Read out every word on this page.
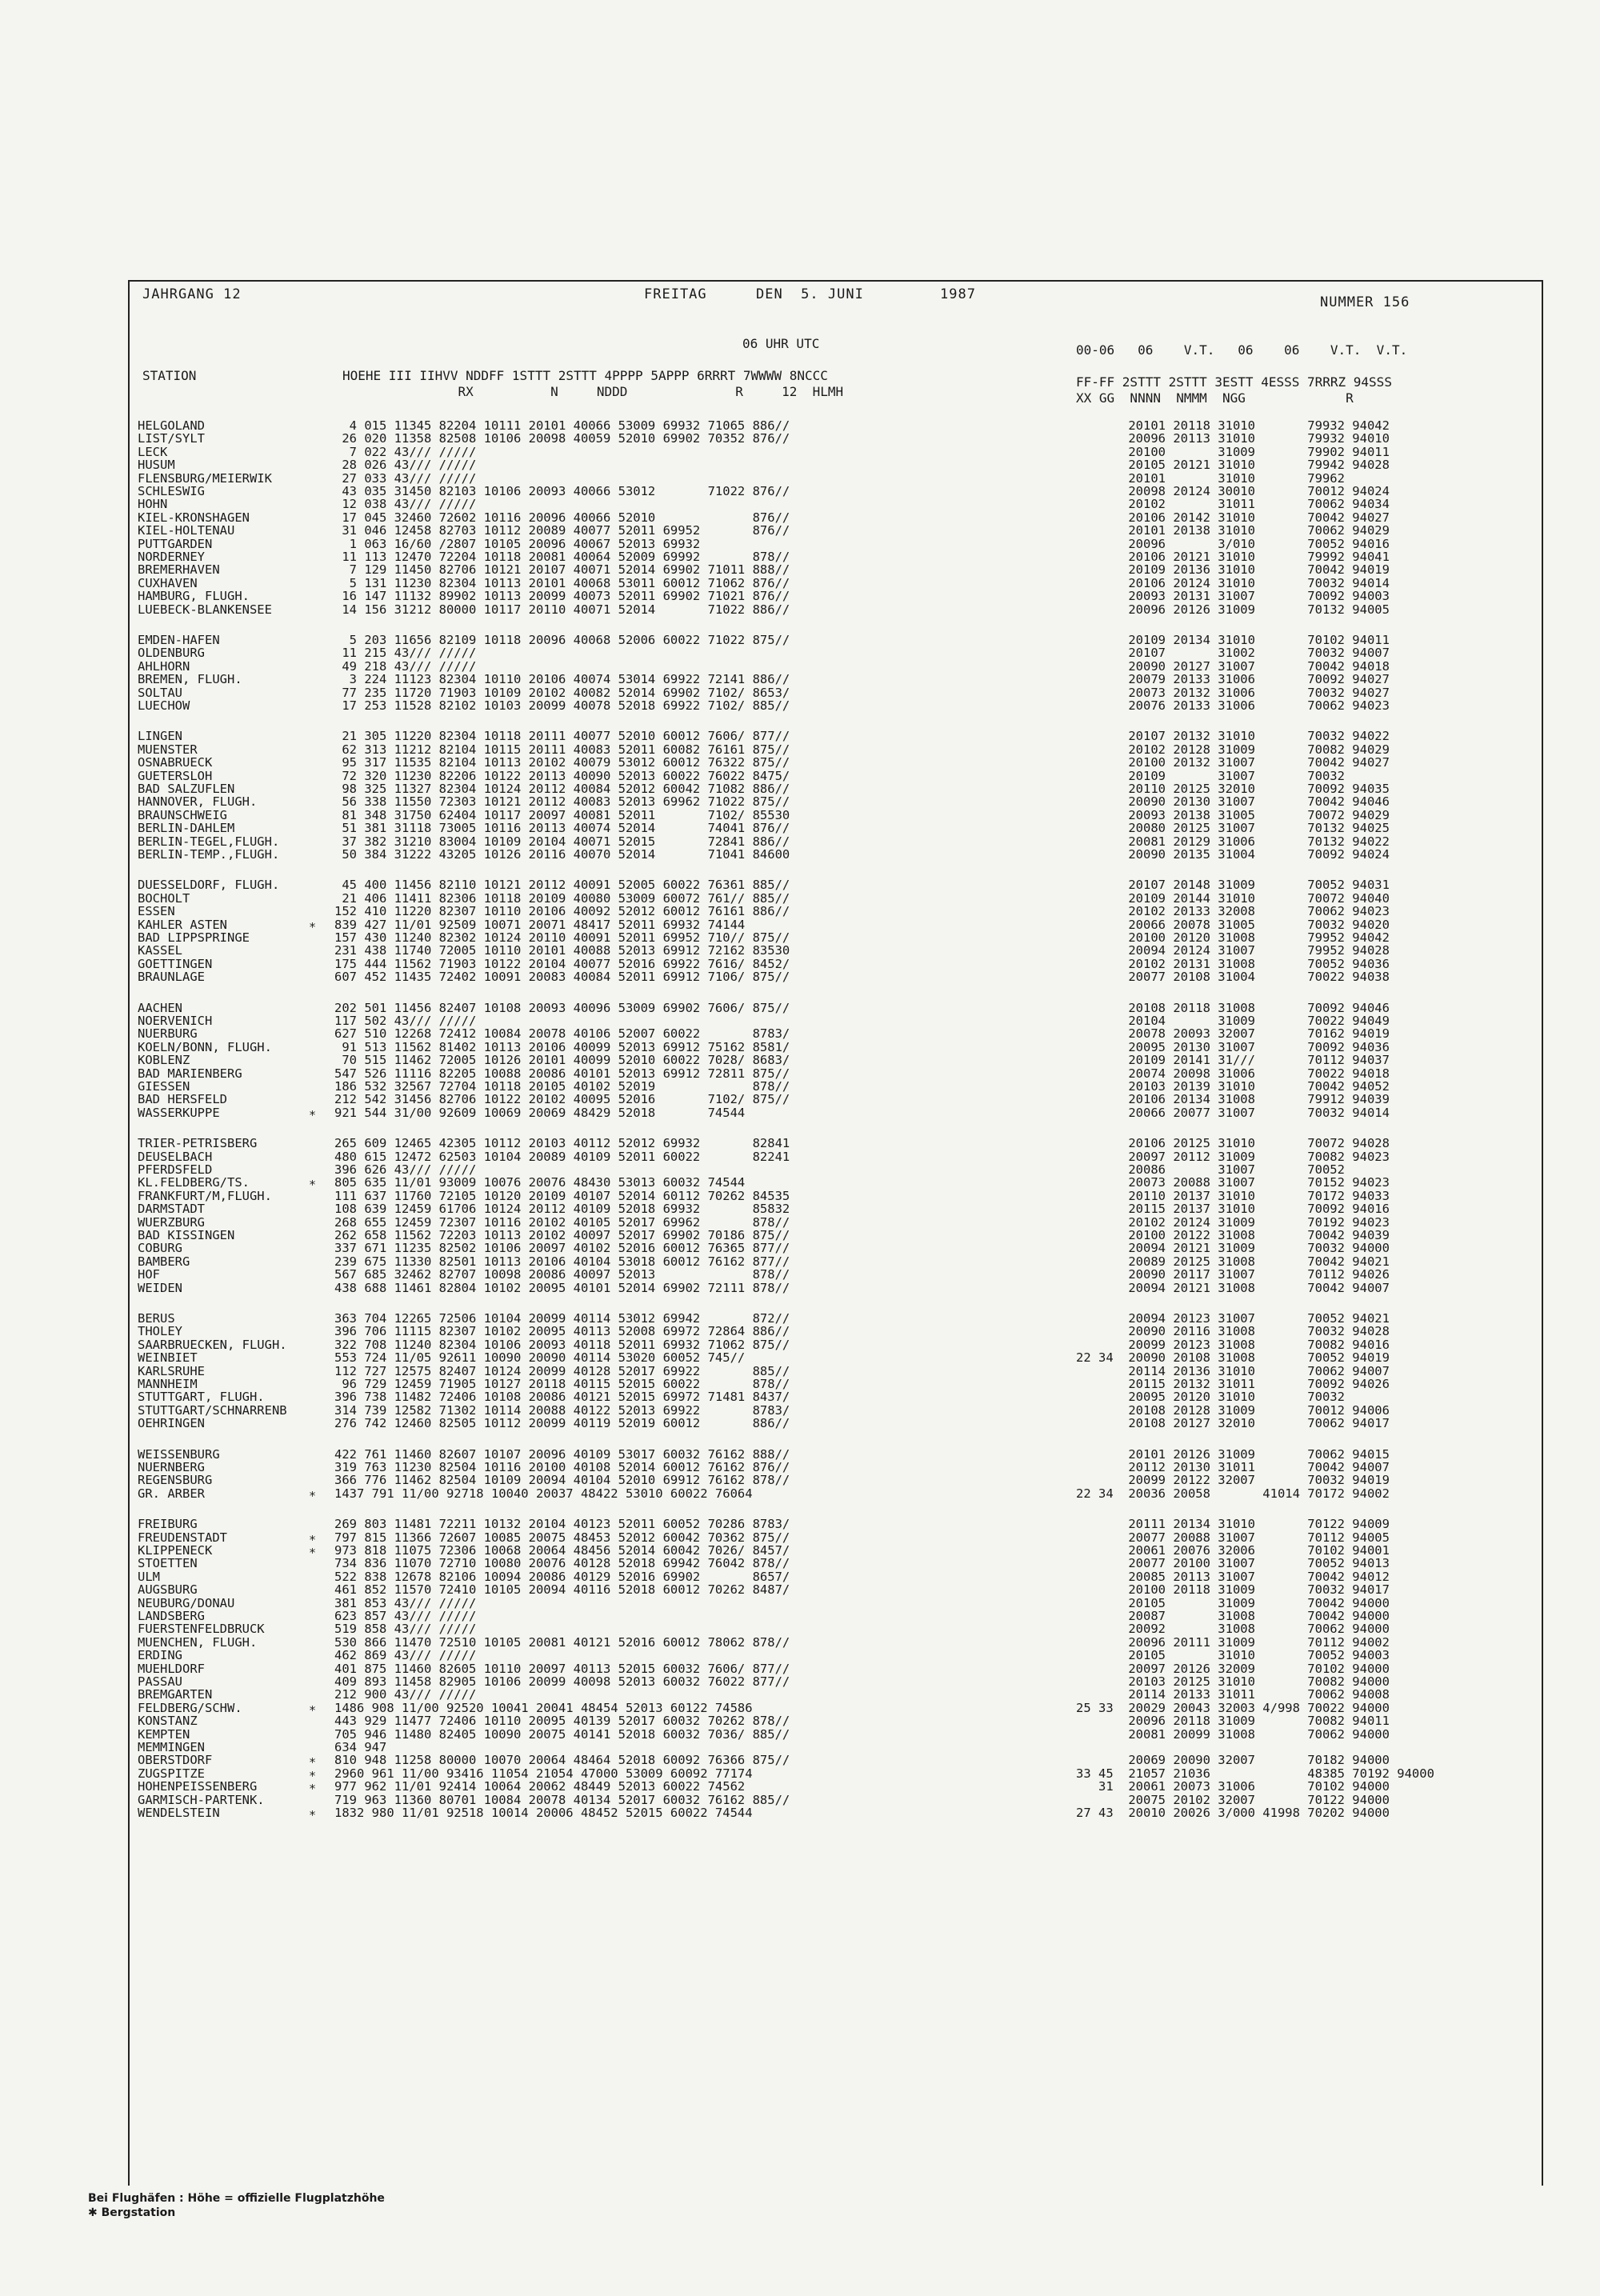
JAHRGANG 12	FREITAG	DEN  5. JUNI	1987	NUMMER 156
06 UHR UTC
STATION	HOEHE III IIHVV NDDFF 1STTT 2STTT 4PPPP 5APPP 6RRRT 7WWWW 8NCCC
RX          N     NDDD              R     12  HLMH
00-06   06    V.T.   06    06    V.T.  V.T.
FF-FF 2STTT 2STTT 3ESTT 4ESSS 7RRRZ 94SSS
XX GG  NNNN  NMMM  NGG             R
HELGOLAND	4 015 11345 82204 10111 20101 40066 53009 69932 71065 886//	20101 20118 31010       79932 94042
LIST/SYLT	26 020 11358 82508 10106 20098 40059 52010 69902 70352 876//	20096 20113 31010       79932 94010
LECK	7 022 43/// /////	20100       31009       79902 94011
HUSUM	28 026 43/// /////	20105 20121 31010       79942 94028
FLENSBURG/MEIERWIK	27 033 43/// /////	20101       31010       79962
SCHLESWIG	43 035 31450 82103 10106 20093 40066 53012       71022 876//	20098 20124 30010       70012 94024
HOHN	12 038 43/// /////	20102       31011       70062 94034
KIEL-KRONSHAGEN	17 045 32460 72602 10116 20096 40066 52010             876//	20106 20142 31010       70042 94027
KIEL-HOLTENAU	31 046 12458 82703 10112 20089 40077 52011 69952       876//	20101 20138 31010       70062 94029
PUTTGARDEN	1 063 16/60 /2807 10105 20096 40067 52013 69932	20096       3/010       70052 94016
NORDERNEY	11 113 12470 72204 10118 20081 40064 52009 69992       878//	20106 20121 31010       79992 94041
BREMERHAVEN	7 129 11450 82706 10121 20107 40071 52014 69902 71011 888//	20109 20136 31010       70042 94019
CUXHAVEN	5 131 11230 82304 10113 20101 40068 53011 60012 71062 876//	20106 20124 31010       70032 94014
HAMBURG, FLUGH.	16 147 11132 89902 10113 20099 40073 52011 69902 71021 876//	20093 20131 31007       70092 94003
LUEBECK-BLANKENSEE	14 156 31212 80000 10117 20110 40071 52014       71022 886//	20096 20126 31009       70132 94005
EMDEN-HAFEN	5 203 11656 82109 10118 20096 40068 52006 60022 71022 875//	20109 20134 31010       70102 94011
OLDENBURG	11 215 43/// /////	20107       31002       70032 94007
AHLHORN	49 218 43/// /////	20090 20127 31007       70042 94018
BREMEN, FLUGH.	3 224 11123 82304 10110 20106 40074 53014 69922 72141 886//	20079 20133 31006       70092 94027
SOLTAU	77 235 11720 71903 10109 20102 40082 52014 69902 7102/ 8653/	20073 20132 31006       70032 94027
LUECHOW	17 253 11528 82102 10103 20099 40078 52018 69922 7102/ 885//	20076 20133 31006       70062 94023
LINGEN	21 305 11220 82304 10118 20111 40077 52010 60012 7606/ 877//	20107 20132 31010       70032 94022
MUENSTER	62 313 11212 82104 10115 20111 40083 52011 60082 76161 875//	20102 20128 31009       70082 94029
OSNABRUECK	95 317 11535 82104 10113 20102 40079 53012 60012 76322 875//	20100 20132 31007       70042 94027
GUETERSLOH	72 320 11230 82206 10122 20113 40090 52013 60022 76022 8475/	20109       31007       70032
BAD SALZUFLEN	98 325 11327 82304 10124 20112 40084 52012 60042 71082 886//	20110 20125 32010       70092 94035
HANNOVER, FLUGH.	56 338 11550 72303 10121 20112 40083 52013 69962 71022 875//	20090 20130 31007       70042 94046
BRAUNSCHWEIG	81 348 31750 62404 10117 20097 40081 52011       7102/ 85530	20093 20138 31005       70072 94029
BERLIN-DAHLEM	51 381 31118 73005 10116 20113 40074 52014       74041 876//	20080 20125 31007       70132 94025
BERLIN-TEGEL,FLUGH.	37 382 31210 83004 10109 20104 40071 52015       72841 886//	20081 20129 31006       70132 94022
BERLIN-TEMP.,FLUGH.	50 384 31222 43205 10126 20116 40070 52014       71041 84600	20090 20135 31004       70092 94024
DUESSELDORF, FLUGH.	45 400 11456 82110 10121 20112 40091 52005 60022 76361 885//	20107 20148 31009       70052 94031
BOCHOLT	21 406 11411 82306 10118 20109 40080 53009 60072 761// 885//	20109 20144 31010       70072 94040
ESSEN	152 410 11220 82307 10110 20106 40092 52012 60012 76161 886//	20102 20133 32008       70062 94023
KAHLER ASTEN	∗ 839 427 11/01 92509 10071 20071 48417 52011 69932 74144	20066 20078 31005       70032 94020
BAD LIPPSPRINGE	157 430 11240 82302 10124 20110 40091 52011 69952 710// 875//	20100 20120 31008       79952 94042
KASSEL	231 438 11740 72005 10110 20101 40088 52013 69912 72162 83530	20094 20124 31007       79952 94028
GOETTINGEN	175 444 11562 71903 10122 20104 40077 52016 69922 7616/ 8452/	20102 20131 31008       70052 94036
BRAUNLAGE	607 452 11435 72402 10091 20083 40084 52011 69912 7106/ 875//	20077 20108 31004       70022 94038
AACHEN	202 501 11456 82407 10108 20093 40096 53009 69902 7606/ 875//	20108 20118 31008       70092 94046
NOERVENICH	117 502 43/// /////	20104       31009       70022 94049
NUERBURG	627 510 12268 72412 10084 20078 40106 52007 60022       8783/	20078 20093 32007       70162 94019
KOELN/BONN, FLUGH.	91 513 11562 81402 10113 20106 40099 52013 69912 75162 8581/	20095 20130 31007       70092 94036
KOBLENZ	70 515 11462 72005 10126 20101 40099 52010 60022 7028/ 8683/	20109 20141 31///       70112 94037
BAD MARIENBERG	547 526 11116 82205 10088 20086 40101 52013 69912 72811 875//	20074 20098 31006       70022 94018
GIESSEN	186 532 32567 72704 10118 20105 40102 52019             878//	20103 20139 31010       70042 94052
BAD HERSFELD	212 542 31456 82706 10122 20102 40095 52016       7102/ 875//	20106 20134 31008       79912 94039
WASSERKUPPE	∗ 921 544 31/00 92609 10069 20069 48429 52018       74544	20066 20077 31007       70032 94014
TRIER-PETRISBERG	265 609 12465 42305 10112 20103 40112 52012 69932       82841	20106 20125 31010       70072 94028
DEUSELBACH	480 615 12472 62503 10104 20089 40109 52011 60022       82241	20097 20112 31009       70082 94023
PFERDSFELD	396 626 43/// /////	20086       31007       70052
KL.FELDBERG/TS.	∗ 805 635 11/01 93009 10076 20076 48430 53013 60032 74544	20073 20088 31007       70152 94023
FRANKFURT/M,FLUGH.	111 637 11760 72105 10120 20109 40107 52014 60112 70262 84535	20110 20137 31010       70172 94033
DARMSTADT	108 639 12459 61706 10124 20112 40109 52018 69932       85832	20115 20137 31010       70092 94016
WUERZBURG	268 655 12459 72307 10116 20102 40105 52017 69962       878//	20102 20124 31009       70192 94023
BAD KISSINGEN	262 658 11562 72203 10113 20102 40097 52017 69902 70186 875//	20100 20122 31008       70042 94039
COBURG	337 671 11235 82502 10106 20097 40102 52016 60012 76365 877//	20094 20121 31009       70032 94000
BAMBERG	239 675 11330 82501 10113 20106 40104 53018 60012 76162 877//	20089 20125 31008       70042 94021
HOF	567 685 32462 82707 10098 20086 40097 52013             878//	20090 20117 31007       70112 94026
WEIDEN	438 688 11461 82804 10102 20095 40101 52014 69902 72111 878//	20094 20121 31008       70042 94007
BERUS	363 704 12265 72506 10104 20099 40114 53012 69942       872//	20094 20123 31007       70052 94021
THOLEY	396 706 11115 82307 10102 20095 40113 52008 69972 72864 886//	20090 20116 31008       70032 94028
SAARBRUECKEN, FLUGH.	322 708 11240 82304 10106 20093 40118 52011 69932 71062 875//	20099 20123 31008       70082 94016
WEINBIET	553 724 11/05 92611 10090 20090 40114 53020 60052 745//	22 34  20090 20108 31008       70052 94019
KARLSRUHE	112 727 12575 82407 10124 20099 40128 52017 69922       885//	20114 20136 31010       70062 94007
MANNHEIM	96 729 12459 71905 10127 20118 40115 52015 60022       878//	20115 20132 31011       70092 94026
STUTTGART, FLUGH.	396 738 11482 72406 10108 20086 40121 52015 69972 71481 8437/	20095 20120 31010       70032
STUTTGART/SCHNARRENB	314 739 12582 71302 10114 20088 40122 52013 69922       8783/	20108 20128 31009       70012 94006
OEHRINGEN	276 742 12460 82505 10112 20099 40119 52019 60012       886//	20108 20127 32010       70062 94017
WEISSENBURG	422 761 11460 82607 10107 20096 40109 53017 60032 76162 888//	20101 20126 31009       70062 94015
NUERNBERG	319 763 11230 82504 10116 20100 40108 52014 60012 76162 876//	20112 20130 31011       70042 94007
REGENSBURG	366 776 11462 82504 10109 20094 40104 52010 69912 76162 878//	20099 20122 32007       70032 94019
GR. ARBER	∗ 1437 791 11/00 92718 10040 20037 48422 53010 60022 76064	22 34  20036 20058       41014 70172 94002
FREIBURG	269 803 11481 72211 10132 20104 40123 52011 60052 70286 8783/	20111 20134 31010       70122 94009
FREUDENSTADT	∗ 797 815 11366 72607 10085 20075 48453 52012 60042 70362 875//	20077 20088 31007       70112 94005
KLIPPENECK	∗ 973 818 11075 72306 10068 20064 48456 52014 60042 7026/ 8457/	20061 20076 32006       70102 94001
STOETTEN	734 836 11070 72710 10080 20076 40128 52018 69942 76042 878//	20077 20100 31007       70052 94013
ULM	522 838 12678 82106 10094 20086 40129 52016 69902       8657/	20085 20113 31007       70042 94012
AUGSBURG	461 852 11570 72410 10105 20094 40116 52018 60012 70262 8487/	20100 20118 31009       70032 94017
NEUBURG/DONAU	381 853 43/// /////	20105       31009       70042 94000
LANDSBERG	623 857 43/// /////	20087       31008       70042 94000
FUERSTENFELDBRUCK	519 858 43/// /////	20092       31008       70062 94000
MUENCHEN, FLUGH.	530 866 11470 72510 10105 20081 40121 52016 60012 78062 878//	20096 20111 31009       70112 94002
ERDING	462 869 43/// /////	20105       31010       70052 94003
MUEHLDORF	401 875 11460 82605 10110 20097 40113 52015 60032 7606/ 877//	20097 20126 32009       70102 94000
PASSAU	409 893 11458 82905 10106 20099 40098 52013 60032 76022 877//	20103 20125 31010       70082 94000
BREMGARTEN	212 900 43/// /////	20114 20133 31011       70062 94008
FELDBERG/SCHW.	∗ 1486 908 11/00 92520 10041 20041 48454 52013 60122 74586	25 33  20029 20043 32003 4/998 70022 94000
KONSTANZ	443 929 11477 72406 10110 20095 40139 52017 60032 70262 878//	20096 20118 31009       70082 94011
KEMPTEN	705 946 11480 82405 10090 20075 40141 52018 60032 7036/ 885//	20081 20099 31008       70062 94000
MEMMINGEN	634 947
OBERSTDORF	∗ 810 948 11258 80000 10070 20064 48464 52018 60092 76366 875//	20069 20090 32007       70182 94000
ZUGSPITZE	∗ 2960 961 11/00 93416 11054 21054 47000 53009 60092 77174	33 45  21057 21036             48385 70192 94000
HOHENPEISSENBERG	∗ 977 962 11/01 92414 10064 20062 48449 52013 60022 74562	31  20061 20073 31006       70102 94000
GARMISCH-PARTENK.	719 963 11360 80701 10084 20078 40134 52017 60032 76162 885//	20075 20102 32007       70122 94000
WENDELSTEIN	∗ 1832 980 11/01 92518 10014 20006 48452 52015 60022 74544	27 43  20010 20026 3/000 41998 70202 94000
Bei Flughäfen : Höhe = offizielle Flugplatzhöhe
✱ Bergstation
